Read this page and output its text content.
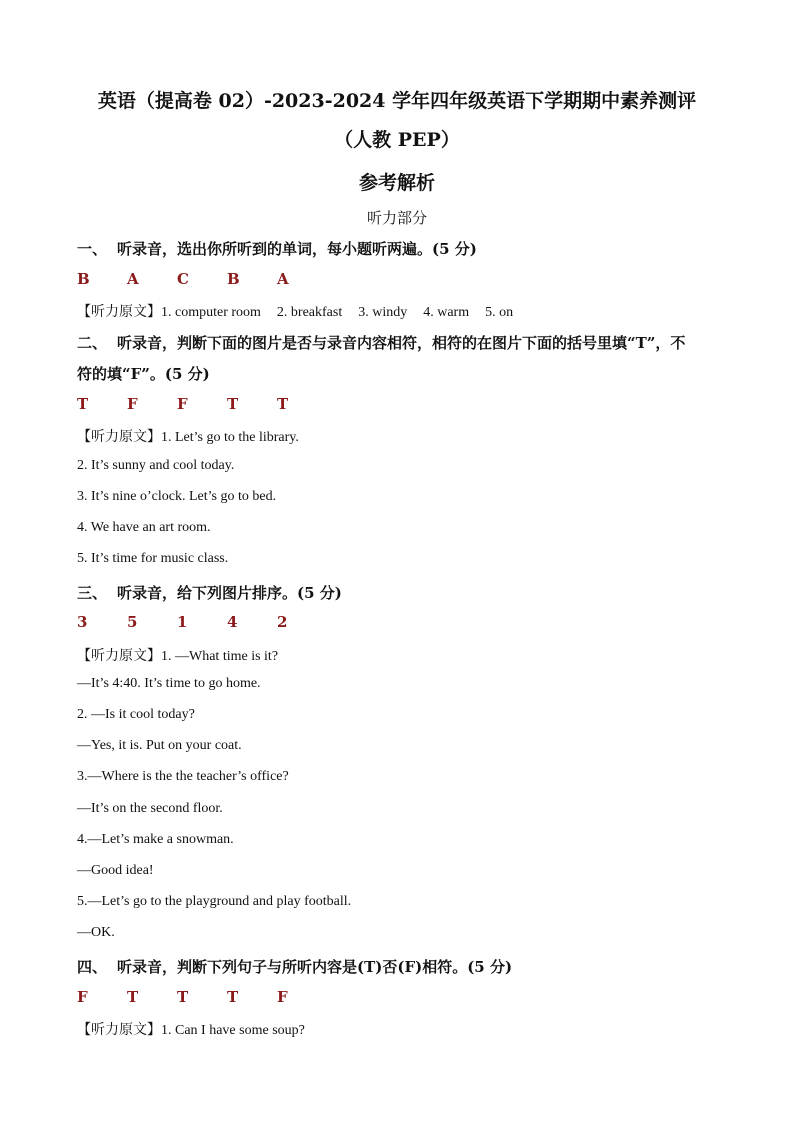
英语（提高卷 02）-2023-2024 学年四年级英语下学期期中素养测评
（人教 PEP）
参考解析
听力部分
一、 听录音，选出你所听到的单词，每小题听两遍。(5 分)
B A	C	B A
【听力原文】1. computer room 2. breakfast 3. windy 4. warm 5. on
二、 听录音，判断下面的图片是否与录音内容相符，相符的在图片下面的括号里填“T”，不
符的填“F”。(5 分)
T	F	F	T	T
【听力原文】1. Let’s go to the library.
2. It’s sunny and cool today.
3. It’s nine o’clock. Let’s go to bed.
4. We have an art room.
5. It’s time for music class.
三、 听录音，给下列图片排序。(5 分)
3	5	1	4	2
【听力原文】1. —What time is it?
—It’s 4:40. It’s time to go home.
2. —Is it cool today?
—Yes, it is. Put on your coat.
3.—Where is the the teacher’s office?
—It’s on the second floor.
4.—Let’s make a snowman.
—Good idea!
5.—Let’s go to the playground and play football.
—OK.
四、 听录音，判断下列句子与所听内容是(T)否(F)相符。(5 分)
F	T	T	T	F
【听力原文】1. Can I have some soup?
